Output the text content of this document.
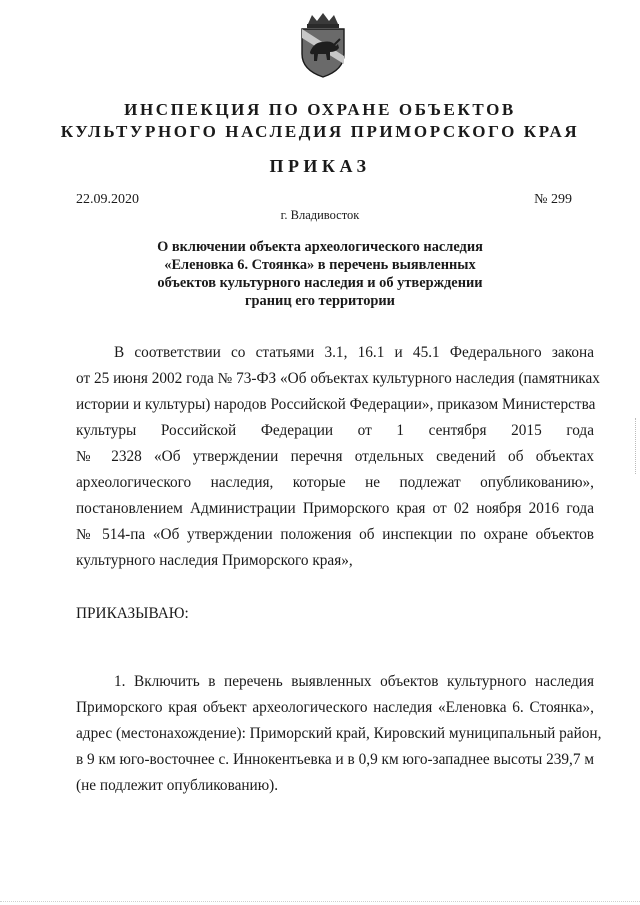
ИНСПЕКЦИЯ ПО ОХРАНЕ ОБЪЕКТОВ
КУЛЬТУРНОГО НАСЛЕДИЯ ПРИМОРСКОГО КРАЯ
ПРИКАЗ
22.09.2020	№ 299
г. Владивосток
О включении объекта археологического наследия
«Еленовка 6. Стоянка» в перечень выявленных
объектов культурного наследия и об утверждении
границ его территории
В соответствии со статьями 3.1, 16.1 и 45.1 Федерального закона
от 25 июня 2002 года № 73-ФЗ «Об объектах культурного наследия (памятниках
истории и культуры) народов Российской Федерации», приказом Министерства
культуры Российской Федерации от 1 сентября 2015 года
№ 2328 «Об утверждении перечня отдельных сведений об объектах
археологического наследия, которые не подлежат опубликованию»,
постановлением Администрации Приморского края от 02 ноября 2016 года
№ 514-па «Об утверждении положения об инспекции по охране объектов
культурного наследия Приморского края»,
ПРИКАЗЫВАЮ:
1. Включить в перечень выявленных объектов культурного наследия
Приморского края объект археологического наследия «Еленовка 6. Стоянка»,
адрес (местонахождение): Приморский край, Кировский муниципальный район,
в 9 км юго-восточнее с. Иннокентьевка и в 0,9 км юго-западнее высоты 239,7 м
(не подлежит опубликованию).
